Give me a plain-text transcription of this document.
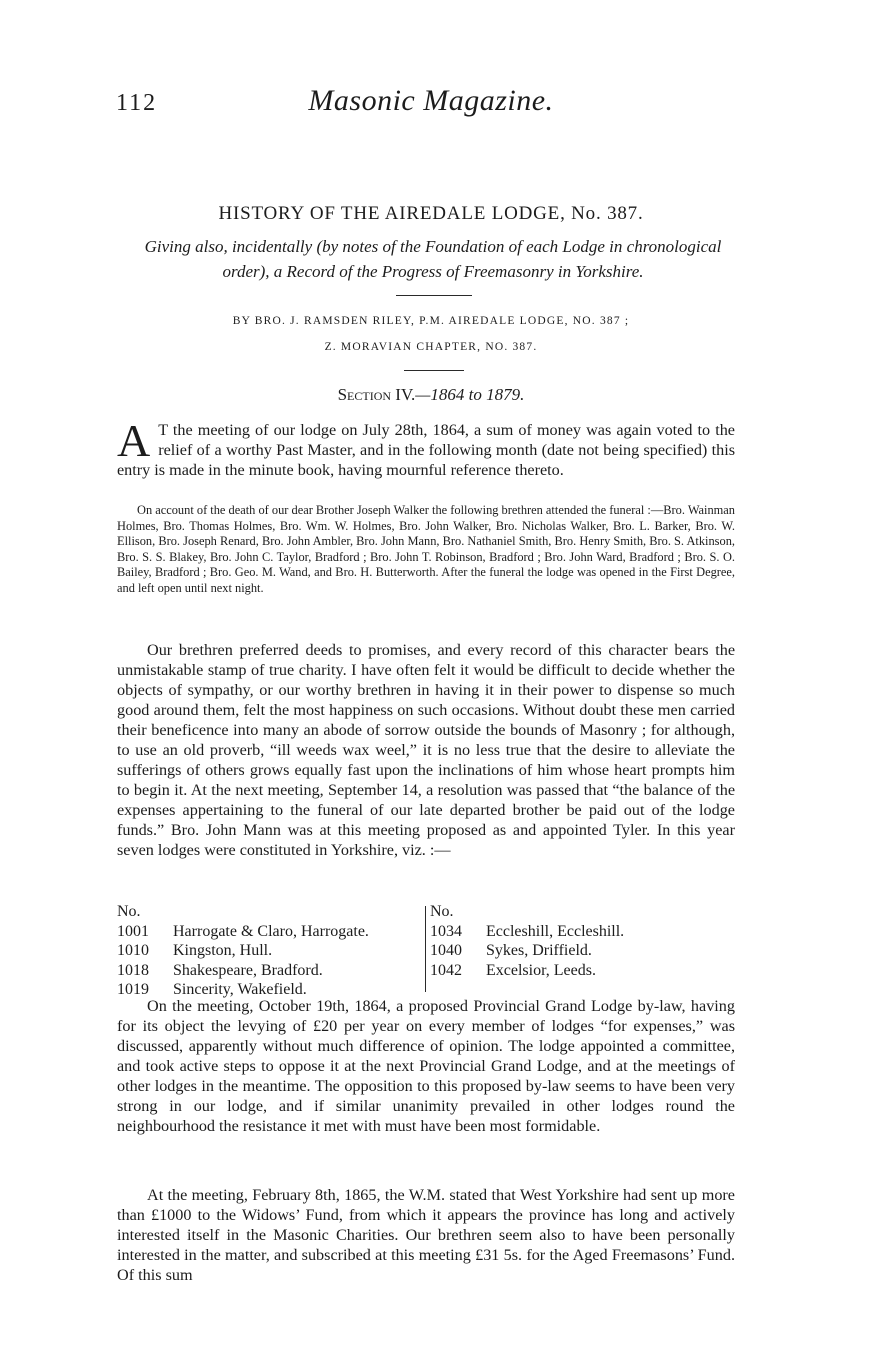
112	Masonic Magazine.
HISTORY OF THE AIREDALE LODGE, No. 387.
Giving also, incidentally (by notes of the Foundation of each Lodge in chronological
order), a Record of the Progress of Freemasonry in Yorkshire.
BY BRO. J. RAMSDEN RILEY, P.M. AIREDALE LODGE, NO. 387 ;
Z. MORAVIAN CHAPTER, NO. 387.
Section IV.—1864 to 1879.

A T the meeting of our lodge on July 28th, 1864, a sum of money was again voted to the relief of a worthy Past Master, and in the following month (date not being specified) this entry is made in the minute book, having mournful reference thereto.

On account of the death of our dear Brother Joseph Walker the following brethren attended the funeral :—Bro. Wainman Holmes, Bro. Thomas Holmes, Bro. Wm. W. Holmes, Bro. John Walker, Bro. Nicholas Walker, Bro. L. Barker, Bro. W. Ellison, Bro. Joseph Renard, Bro. John Ambler, Bro. John Mann, Bro. Nathaniel Smith, Bro. Henry Smith, Bro. S. Atkinson, Bro. S. S. Blakey, Bro. John C. Taylor, Bradford ; Bro. John T. Robinson, Bradford ; Bro. John Ward, Bradford ; Bro. S. O. Bailey, Bradford ; Bro. Geo. M. Wand, and Bro. H. Butterworth. After the funeral the lodge was opened in the First Degree, and left open until next night.

Our brethren preferred deeds to promises, and every record of this character bears the unmistakable stamp of true charity. I have often felt it would be difficult to decide whether the objects of sympathy, or our worthy brethren in having it in their power to dispense so much good around them, felt the most happiness on such occasions. Without doubt these men carried their beneficence into many an abode of sorrow outside the bounds of Masonry ; for although, to use an old proverb, “ill weeds wax weel,” it is no less true that the desire to alleviate the sufferings of others grows equally fast upon the inclinations of him whose heart prompts him to begin it. At the next meeting, September 14, a resolution was passed that “the balance of the expenses appertaining to the funeral of our late departed brother be paid out of the lodge funds.” Bro. John Mann was at this meeting proposed as and appointed Tyler. In this year seven lodges were constituted in Yorkshire, viz. :—

No.
1001	Harrogate & Claro, Harrogate.
1010	Kingston, Hull.
1018	Shakespeare, Bradford.
1019	Sincerity, Wakefield.
No.
1034	Eccleshill, Eccleshill.
1040	Sykes, Driffield.
1042	Excelsior, Leeds.

On the meeting, October 19th, 1864, a proposed Provincial Grand Lodge by-law, having for its object the levying of £20 per year on every member of lodges “for expenses,” was discussed, apparently without much difference of opinion. The lodge appointed a committee, and took active steps to oppose it at the next Provincial Grand Lodge, and at the meetings of other lodges in the meantime. The opposition to this proposed by-law seems to have been very strong in our lodge, and if similar unanimity prevailed in other lodges round the neighbourhood the resistance it met with must have been most formidable.

At the meeting, February 8th, 1865, the W.M. stated that West Yorkshire had sent up more than £1000 to the Widows’ Fund, from which it appears the province has long and actively interested itself in the Masonic Charities. Our brethren seem also to have been personally interested in the matter, and subscribed at this meeting £31 5s. for the Aged Freemasons’ Fund. Of this sum
